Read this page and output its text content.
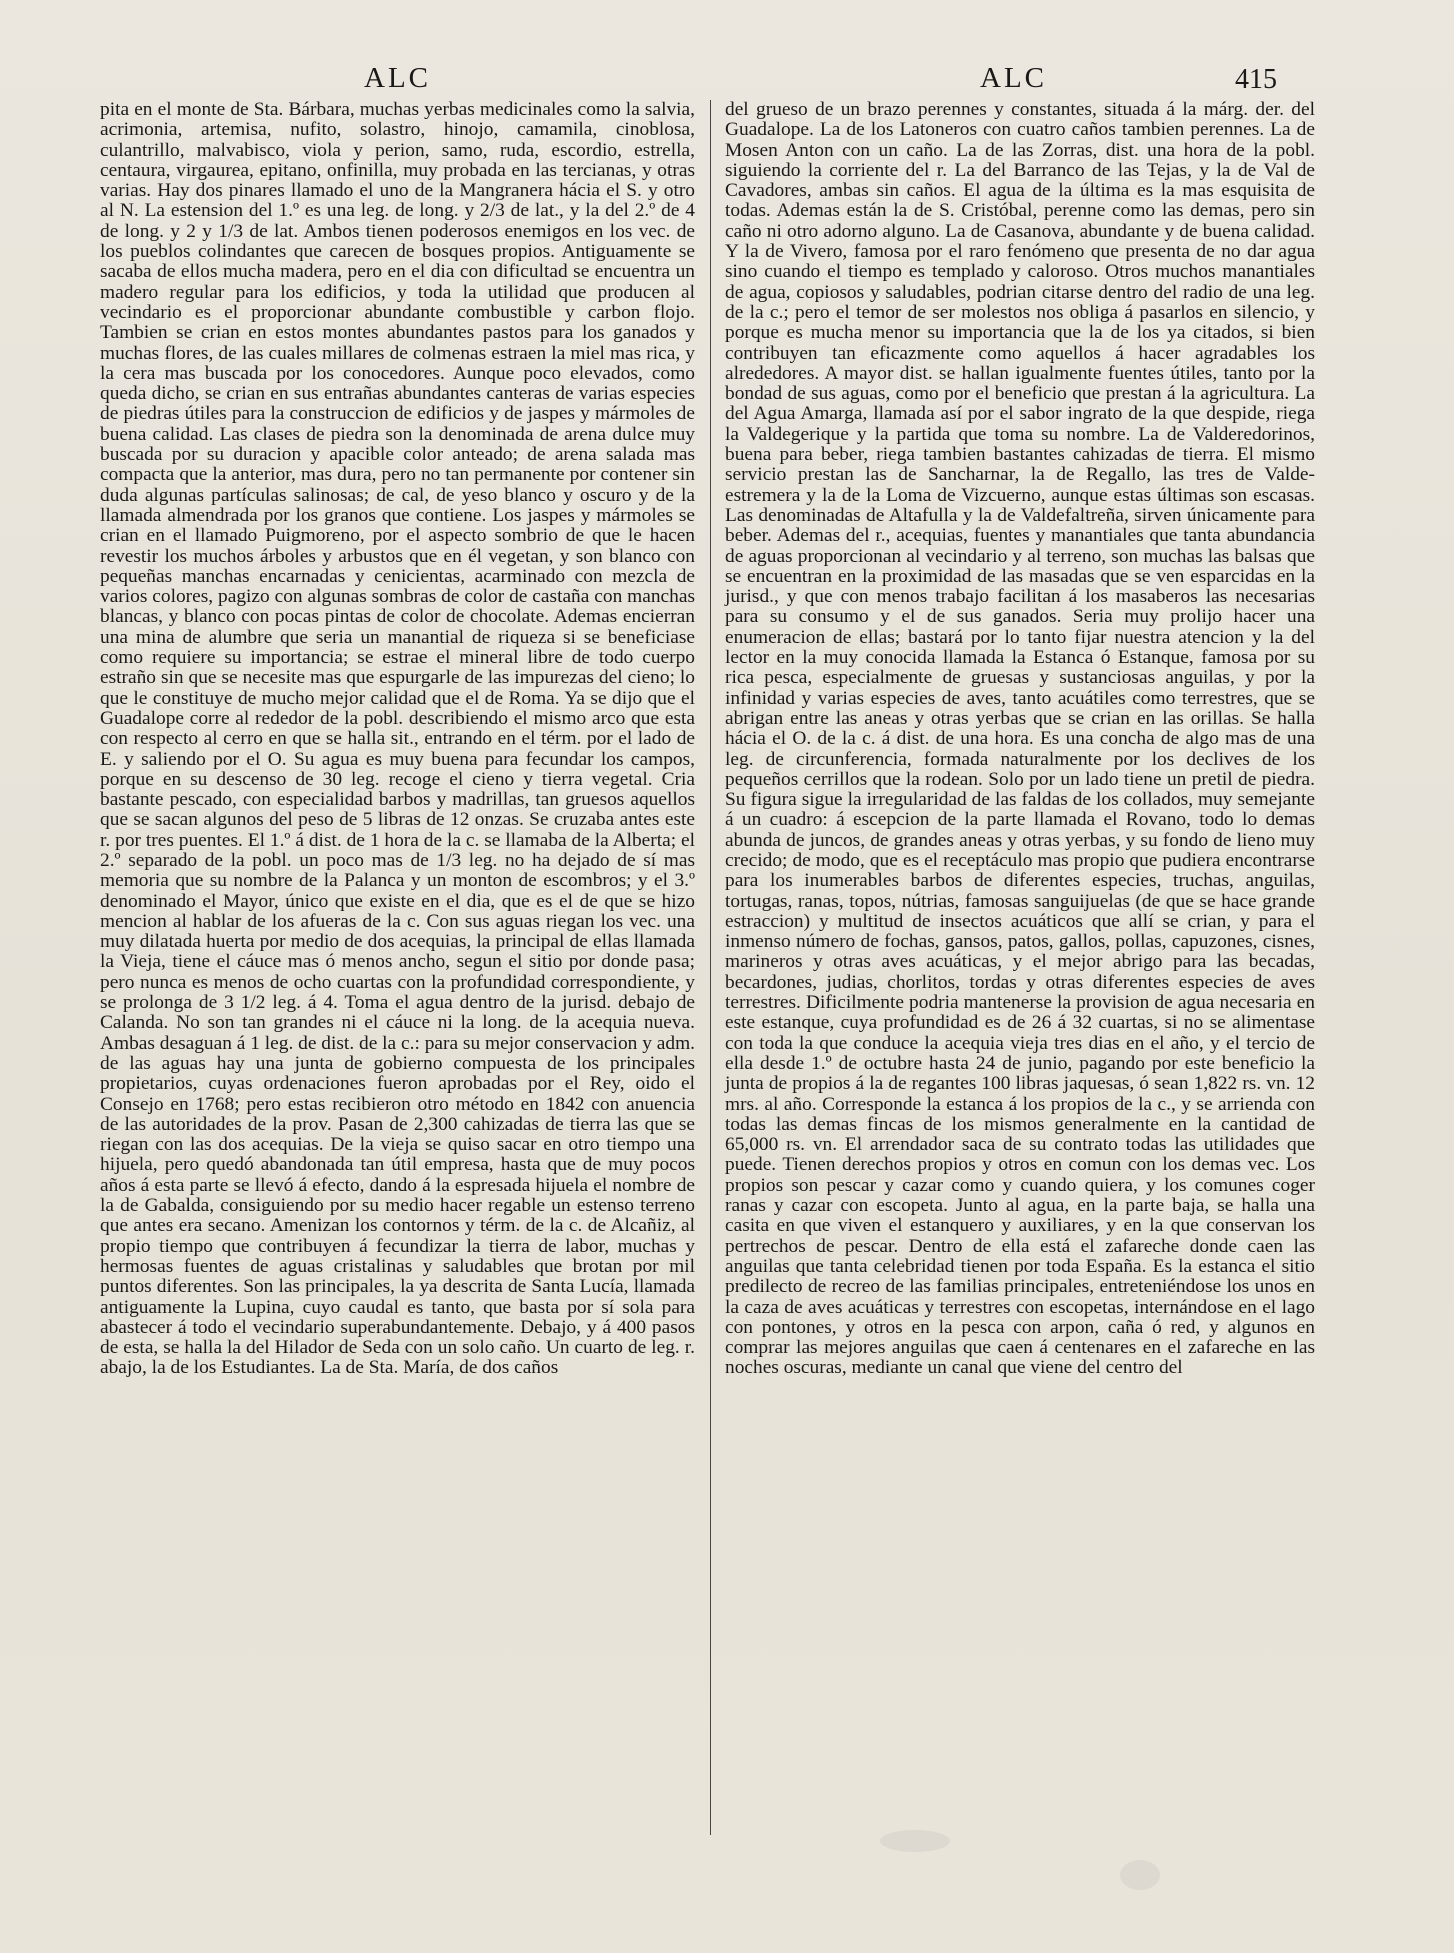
ALC	ALC	415

pita en el monte de Sta. Bárbara, muchas yerbas medicinales como la salvia, acrimonia, artemisa, nufito, solastro, hinojo, camamila, cinoblosa, culantrillo, malvabisco, viola y perion, samo, ruda, escordio, estrella, centaura, virgaurea, epitano, onfinilla, muy probada en las tercianas, y otras varias. Hay dos pinares llamado el uno de la Mangranera hácia el S. y otro al N. La estension del 1.º es una leg. de long. y 2/3 de lat., y la del 2.º de 4 de long. y 2 y 1/3 de lat. Ambos tienen poderosos enemigos en los vec. de los pueblos colindantes que carecen de bosques propios. Antiguamente se sacaba de ellos mucha madera, pero en el dia con dificultad se encuentra un madero regular para los edificios, y toda la utilidad que producen al vecindario es el proporcionar abundante combustible y carbon flojo. Tambien se crian en estos montes abundantes pastos para los ganados y muchas flores, de las cuales millares de colmenas estraen la miel mas rica, y la cera mas buscada por los conocedores. Aunque poco elevados, como queda dicho, se crian en sus entrañas abundantes canteras de varias especies de piedras útiles para la construccion de edificios y de jaspes y mármoles de buena calidad. Las clases de piedra son la denominada de arena dulce muy buscada por su duracion y apacible color anteado; de arena salada mas compacta que la anterior, mas dura, pero no tan permanente por contener sin duda algunas partículas salinosas; de cal, de yeso blanco y oscuro y de la llamada almendrada por los granos que contiene. Los jaspes y mármoles se crian en el llamado Puigmoreno, por el aspecto sombrio de que le hacen revestir los muchos árboles y arbustos que en él vegetan, y son blanco con pequeñas manchas encarnadas y cenicientas, acarminado con mezcla de varios colores, pagizo con algunas sombras de color de castaña con manchas blancas, y blanco con pocas pintas de color de chocolate. Ademas encierran una mina de alumbre que seria un manantial de riqueza si se beneficiase como requiere su importancia; se estrae el mineral libre de todo cuerpo estraño sin que se necesite mas que espurgarle de las impurezas del cieno; lo que le constituye de mucho mejor calidad que el de Roma. Ya se dijo que el Guadalope corre al rededor de la pobl. describiendo el mismo arco que esta con respecto al cerro en que se halla sit., entrando en el térm. por el lado de E. y saliendo por el O. Su agua es muy buena para fecundar los campos, porque en su descenso de 30 leg. recoge el cieno y tierra vegetal. Cria bastante pescado, con especialidad barbos y madrillas, tan gruesos aquellos que se sacan algunos del peso de 5 libras de 12 onzas. Se cruzaba antes este r. por tres puentes. El 1.º á dist. de 1 hora de la c. se llamaba de la Alberta; el 2.º separado de la pobl. un poco mas de 1/3 leg. no ha dejado de sí mas memoria que su nombre de la Palanca y un monton de escombros; y el 3.º denominado el Mayor, único que existe en el dia, que es el de que se hizo mencion al hablar de los afueras de la c. Con sus aguas riegan los vec. una muy dilatada huerta por medio de dos acequias, la principal de ellas llamada la Vieja, tiene el cáuce mas ó menos ancho, segun el sitio por donde pasa; pero nunca es menos de ocho cuartas con la profundidad correspondiente, y se prolonga de 3 1/2 leg. á 4. Toma el agua dentro de la jurisd. debajo de Calanda. No son tan grandes ni el cáuce ni la long. de la acequia nueva. Ambas desaguan á 1 leg. de dist. de la c.: para su mejor conservacion y adm. de las aguas hay una junta de gobierno compuesta de los principales propietarios, cuyas ordenaciones fueron aprobadas por el Rey, oido el Consejo en 1768; pero estas recibieron otro método en 1842 con anuencia de las autoridades de la prov. Pasan de 2,300 cahizadas de tierra las que se riegan con las dos acequias. De la vieja se quiso sacar en otro tiempo una hijuela, pero quedó abandonada tan útil empresa, hasta que de muy pocos años á esta parte se llevó á efecto, dando á la espresada hijuela el nombre de la de Gabalda, consiguiendo por su medio hacer regable un estenso terreno que antes era secano. Amenizan los contornos y térm. de la c. de Alcañiz, al propio tiempo que contribuyen á fecundizar la tierra de labor, muchas y hermosas fuentes de aguas cristalinas y saludables que brotan por mil puntos diferentes. Son las principales, la ya descrita de Santa Lucía, llamada antiguamente la Lupina, cuyo caudal es tanto, que basta por sí sola para abastecer á todo el vecindario superabundantemente. Debajo, y á 400 pasos de esta, se halla la del Hilador de Seda con un solo caño. Un cuarto de leg. r. abajo, la de los Estudiantes. La de Sta. María, de dos caños

del grueso de un brazo perennes y constantes, situada á la márg. der. del Guadalope. La de los Latoneros con cuatro caños tambien perennes. La de Mosen Anton con un caño. La de las Zorras, dist. una hora de la pobl. siguiendo la corriente del r. La del Barranco de las Tejas, y la de Val de Cavadores, ambas sin caños. El agua de la última es la mas esquisita de todas. Ademas están la de S. Cristóbal, perenne como las demas, pero sin caño ni otro adorno alguno. La de Casanova, abundante y de buena calidad. Y la de Vivero, famosa por el raro fenómeno que presenta de no dar agua sino cuando el tiempo es templado y caloroso. Otros muchos manantiales de agua, copiosos y saludables, podrian citarse dentro del radio de una leg. de la c.; pero el temor de ser molestos nos obliga á pasarlos en silencio, y porque es mucha menor su importancia que la de los ya citados, si bien contribuyen tan eficazmente como aquellos á hacer agradables los alrededores. A mayor dist. se hallan igualmente fuentes útiles, tanto por la bondad de sus aguas, como por el beneficio que prestan á la agricultura. La del Agua Amarga, llamada así por el sabor ingrato de la que despide, riega la Valdegerique y la partida que toma su nombre. La de Valderedorinos, buena para beber, riega tambien bastantes cahizadas de tierra. El mismo servicio prestan las de Sancharnar, la de Regallo, las tres de Valde-estremera y la de la Loma de Vizcuerno, aunque estas últimas son escasas. Las denominadas de Altafulla y la de Valdefaltreña, sirven únicamente para beber. Ademas del r., acequias, fuentes y manantiales que tanta abundancia de aguas proporcionan al vecindario y al terreno, son muchas las balsas que se encuentran en la proximidad de las masadas que se ven esparcidas en la jurisd., y que con menos trabajo facilitan á los masaberos las necesarias para su consumo y el de sus ganados. Seria muy prolijo hacer una enumeracion de ellas; bastará por lo tanto fijar nuestra atencion y la del lector en la muy conocida llamada la Estanca ó Estanque, famosa por su rica pesca, especialmente de gruesas y sustanciosas anguilas, y por la infinidad y varias especies de aves, tanto acuátiles como terrestres, que se abrigan entre las aneas y otras yerbas que se crian en las orillas. Se halla hácia el O. de la c. á dist. de una hora. Es una concha de algo mas de una leg. de circunferencia, formada naturalmente por los declives de los pequeños cerrillos que la rodean. Solo por un lado tiene un pretil de piedra. Su figura sigue la irregularidad de las faldas de los collados, muy semejante á un cuadro: á escepcion de la parte llamada el Rovano, todo lo demas abunda de juncos, de grandes aneas y otras yerbas, y su fondo de lieno muy crecido; de modo, que es el receptáculo mas propio que pudiera encontrarse para los inumerables barbos de diferentes especies, truchas, anguilas, tortugas, ranas, topos, nútrias, famosas sanguijuelas (de que se hace grande estraccion) y multitud de insectos acuáticos que allí se crian, y para el inmenso número de fochas, gansos, patos, gallos, pollas, capuzones, cisnes, marineros y otras aves acuáticas, y el mejor abrigo para las becadas, becardones, judias, chorlitos, tordas y otras diferentes especies de aves terrestres. Dificilmente podria mantenerse la provision de agua necesaria en este estanque, cuya profundidad es de 26 á 32 cuartas, si no se alimentase con toda la que conduce la acequia vieja tres dias en el año, y el tercio de ella desde 1.º de octubre hasta 24 de junio, pagando por este beneficio la junta de propios á la de regantes 100 libras jaquesas, ó sean 1,822 rs. vn. 12 mrs. al año. Corresponde la estanca á los propios de la c., y se arrienda con todas las demas fincas de los mismos generalmente en la cantidad de 65,000 rs. vn. El arrendador saca de su contrato todas las utilidades que puede. Tienen derechos propios y otros en comun con los demas vec. Los propios son pescar y cazar como y cuando quiera, y los comunes coger ranas y cazar con escopeta. Junto al agua, en la parte baja, se halla una casita en que viven el estanquero y auxiliares, y en la que conservan los pertrechos de pescar. Dentro de ella está el zafareche donde caen las anguilas que tanta celebridad tienen por toda España. Es la estanca el sitio predilecto de recreo de las familias principales, entreteniéndose los unos en la caza de aves acuáticas y terrestres con escopetas, internándose en el lago con pontones, y otros en la pesca con arpon, caña ó red, y algunos en comprar las mejores anguilas que caen á centenares en el zafareche en las noches oscuras, mediante un canal que viene del centro del
